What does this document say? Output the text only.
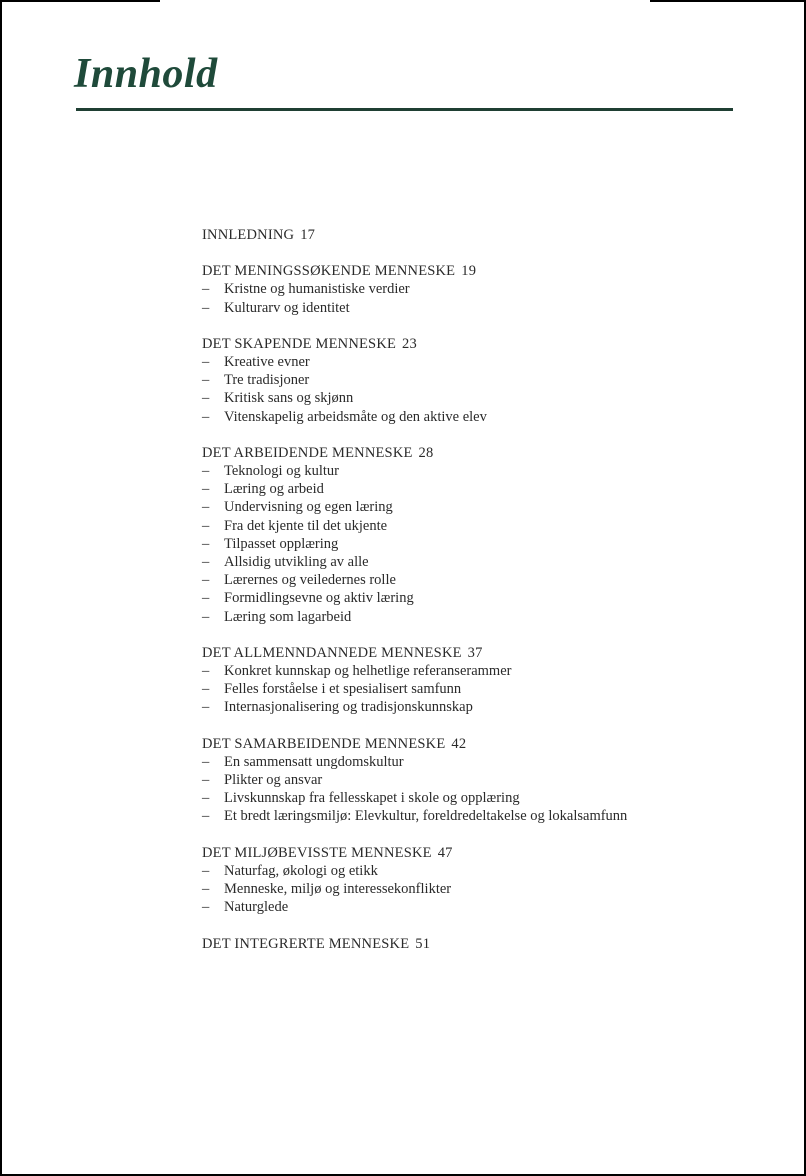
Innhold
INNLEDNING 17
DET MENINGSSØKENDE MENNESKE 19
– Kristne og humanistiske verdier
– Kulturarv og identitet
DET SKAPENDE MENNESKE 23
– Kreative evner
– Tre tradisjoner
– Kritisk sans og skjønn
– Vitenskapelig arbeidsmåte og den aktive elev
DET ARBEIDENDE MENNESKE 28
– Teknologi og kultur
– Læring og arbeid
– Undervisning og egen læring
– Fra det kjente til det ukjente
– Tilpasset opplæring
– Allsidig utvikling av alle
– Lærernes og veiledernes rolle
– Formidlingsevne og aktiv læring
– Læring som lagarbeid
DET ALLMENNDANNEDE MENNESKE 37
– Konkret kunnskap og helhetlige referanserammer
– Felles forståelse i et spesialisert samfunn
– Internasjonalisering og tradisjonskunnskap
DET SAMARBEIDENDE MENNESKE 42
– En sammensatt ungdomskultur
– Plikter og ansvar
– Livskunnskap fra fellesskapet i skole og opplæring
– Et bredt læringsmiljø: Elevkultur, foreldredeltakelse og lokalsamfunn
DET MILJØBEVISSTE MENNESKE 47
– Naturfag, økologi og etikk
– Menneske, miljø og interessekonflikter
– Naturglede
DET INTEGRERTE MENNESKE 51
